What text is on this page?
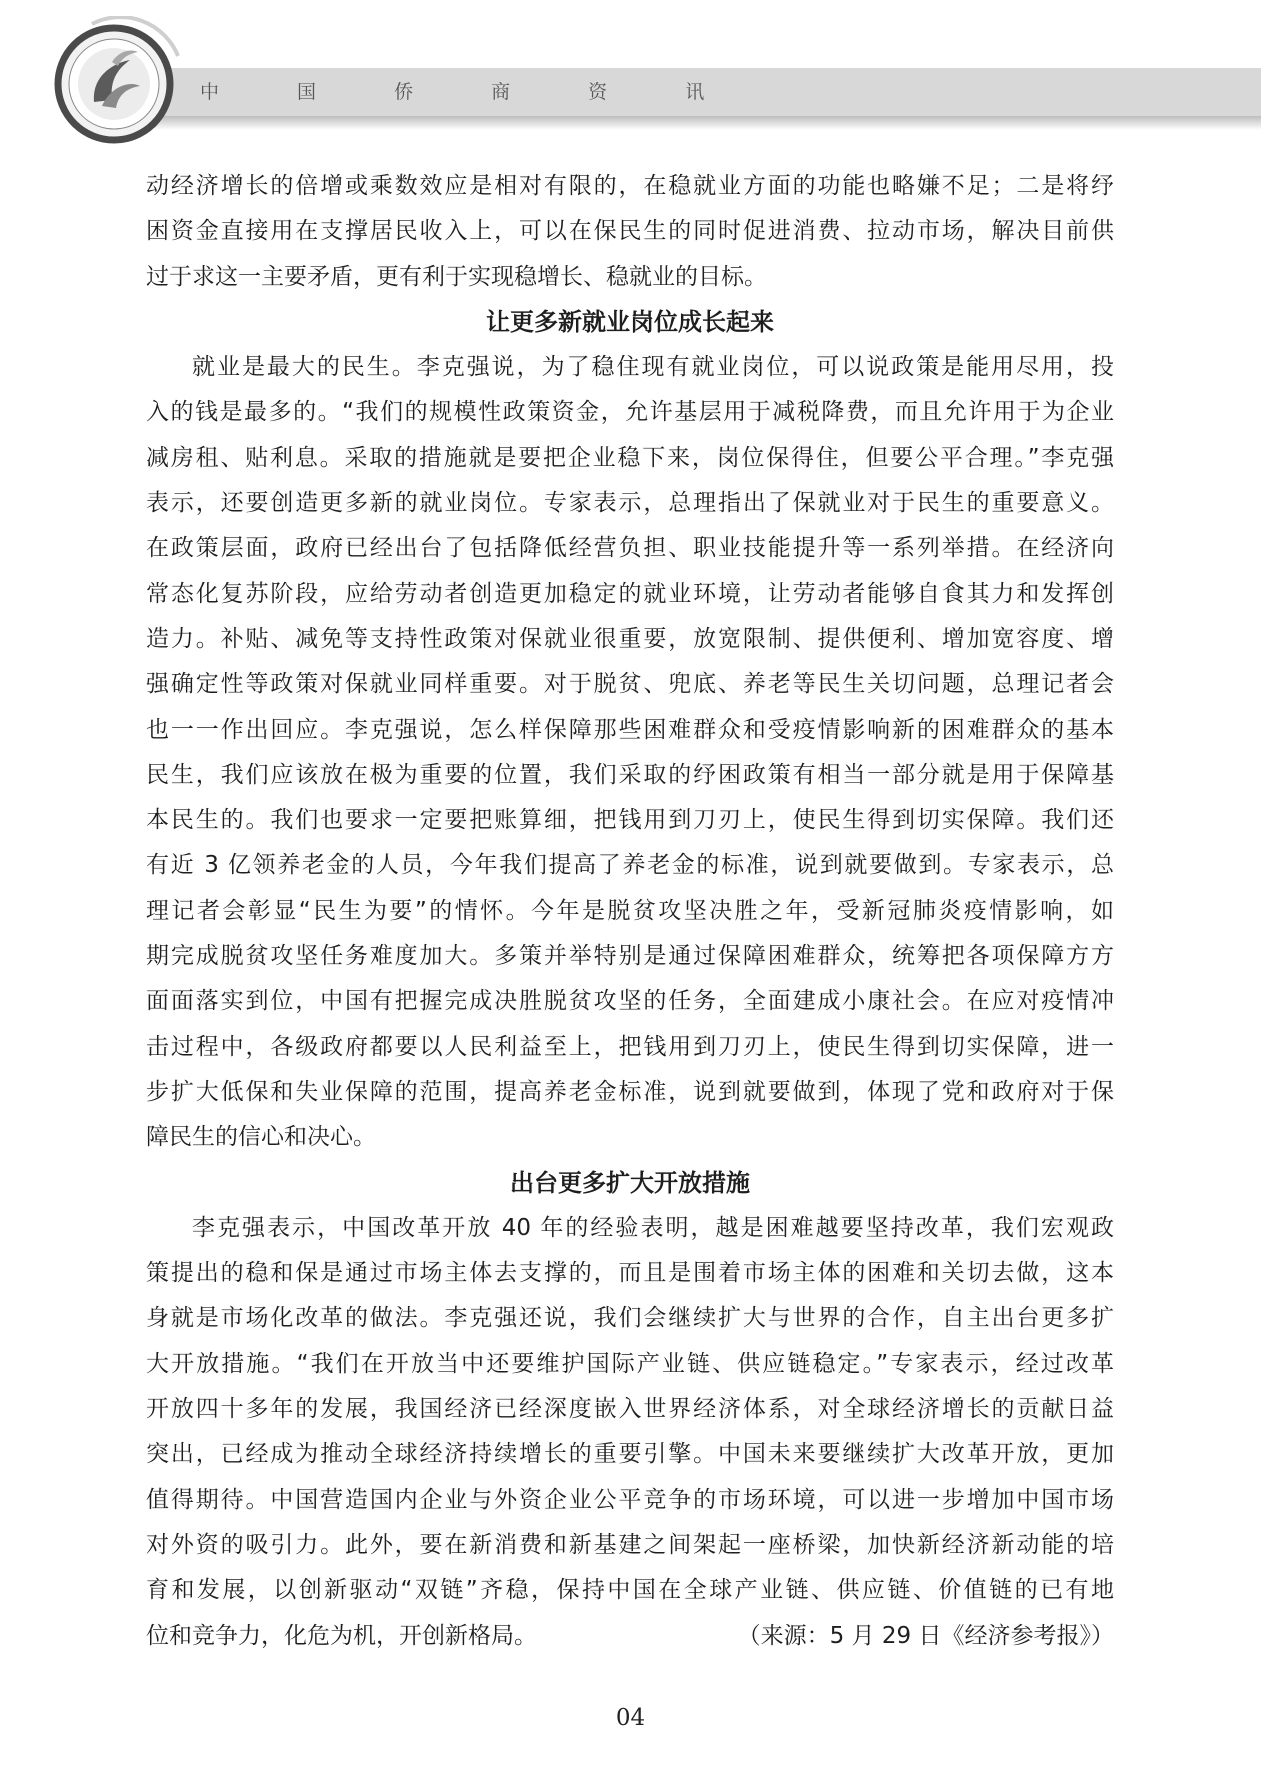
中 国 侨 商 资 讯
动经济增长的倍增或乘数效应是相对有限的，在稳就业方面的功能也略嫌不足；二是将纾
困资金直接用在支撑居民收入上，可以在保民生的同时促进消费、拉动市场，解决目前供
过于求这一主要矛盾，更有利于实现稳增长、稳就业的目标。
让更多新就业岗位成长起来
就业是最大的民生。李克强说，为了稳住现有就业岗位，可以说政策是能用尽用，投
入的钱是最多的。“我们的规模性政策资金，允许基层用于减税降费，而且允许用于为企业
减房租、贴利息。采取的措施就是要把企业稳下来，岗位保得住，但要公平合理。”李克强
表示，还要创造更多新的就业岗位。专家表示，总理指出了保就业对于民生的重要意义。
在政策层面，政府已经出台了包括降低经营负担、职业技能提升等一系列举措。在经济向
常态化复苏阶段，应给劳动者创造更加稳定的就业环境，让劳动者能够自食其力和发挥创
造力。补贴、减免等支持性政策对保就业很重要，放宽限制、提供便利、增加宽容度、增
强确定性等政策对保就业同样重要。对于脱贫、兜底、养老等民生关切问题，总理记者会
也一一作出回应。李克强说，怎么样保障那些困难群众和受疫情影响新的困难群众的基本
民生，我们应该放在极为重要的位置，我们采取的纾困政策有相当一部分就是用于保障基
本民生的。我们也要求一定要把账算细，把钱用到刀刃上，使民生得到切实保障。我们还
有近 3 亿领养老金的人员，今年我们提高了养老金的标准，说到就要做到。专家表示，总
理记者会彰显“民生为要”的情怀。今年是脱贫攻坚决胜之年，受新冠肺炎疫情影响，如
期完成脱贫攻坚任务难度加大。多策并举特别是通过保障困难群众，统筹把各项保障方方
面面落实到位，中国有把握完成决胜脱贫攻坚的任务，全面建成小康社会。在应对疫情冲
击过程中，各级政府都要以人民利益至上，把钱用到刀刃上，使民生得到切实保障，进一
步扩大低保和失业保障的范围，提高养老金标准，说到就要做到，体现了党和政府对于保
障民生的信心和决心。
出台更多扩大开放措施
李克强表示，中国改革开放 40 年的经验表明，越是困难越要坚持改革，我们宏观政
策提出的稳和保是通过市场主体去支撑的，而且是围着市场主体的困难和关切去做，这本
身就是市场化改革的做法。李克强还说，我们会继续扩大与世界的合作，自主出台更多扩
大开放措施。“我们在开放当中还要维护国际产业链、供应链稳定。”专家表示，经过改革
开放四十多年的发展，我国经济已经深度嵌入世界经济体系，对全球经济增长的贡献日益
突出，已经成为推动全球经济持续增长的重要引擎。中国未来要继续扩大改革开放，更加
值得期待。中国营造国内企业与外资企业公平竞争的市场环境，可以进一步增加中国市场
对外资的吸引力。此外，要在新消费和新基建之间架起一座桥梁，加快新经济新动能的培
育和发展，以创新驱动“双链”齐稳，保持中国在全球产业链、供应链、价值链的已有地
位和竞争力，化危为机，开创新格局。	（来源：5 月 29 日《经济参考报》）
04
